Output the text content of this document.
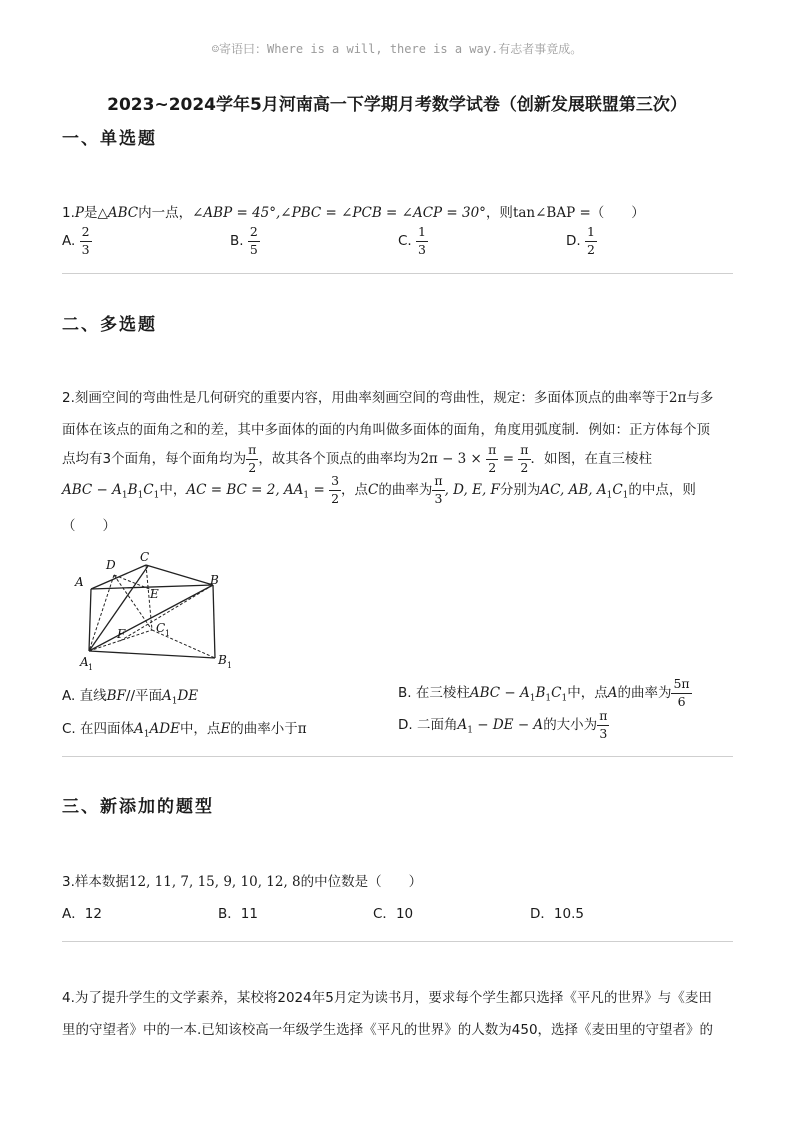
☺寄语曰：Where is a will, there is a way.有志者事竟成。
2023~2024学年5月河南高一下学期月考数学试卷（创新发展联盟第三次）
一、单选题
1.P是△ABC内一点，∠ABP = 45°,∠PBC = ∠PCB = ∠ACP = 30°，则tan∠BAP =（　　）
A. $\frac{2}{3}$	B. $\frac{2}{5}$	C. $\frac{1}{3}$	D. $\frac{1}{2}$
二、多选题
2.刻画空间的弯曲性是几何研究的重要内容，用曲率刻画空间的弯曲性，规定：多面体顶点的曲率等于2π与多
面体在该点的面角之和的差，其中多面体的面的内角叫做多面体的面角，角度用弧度制．例如：正方体每个顶
点均有3个面角，每个面角均为 $\frac{\pi}{2}$ ，故其各个顶点的曲率均为$2\pi - 3 \times \frac{\pi}{2} = \frac{\pi}{2}$ ．如图，在直三棱柱
ABC − $A_1B_1C_1$中，AC = BC = 2, $AA_1 = \frac{3}{2}$ ，点C的曲率为 $\frac{\pi}{3}$ , D, E, F分别为AC, AB, $A_1C_1$的中点，则
（　　）
A
D
C
E
B
C 1
F
A 1
B 1
A. 直线BF//平面$A_1DE$	B. 在三棱柱ABC − $A_1B_1C_1$中，点A的曲率为 $\frac{5\pi}{6}$
C. 在四面体$A_1ADE$中，点E的曲率小于π	D. 二面角$A_1$ − DE − A的大小为 $\frac{\pi}{3}$
三、新添加的题型
3.样本数据12, 11, 7, 15, 9, 10, 12, 8的中位数是（　　）
A．12	B．11	C．10	D．10.5
4.为了提升学生的文学素养，某校将2024年5月定为读书月，要求每个学生都只选择《平凡的世界》与《麦田
里的守望者》中的一本.已知该校高一年级学生选择《平凡的世界》的人数为450，选择《麦田里的守望者》的
